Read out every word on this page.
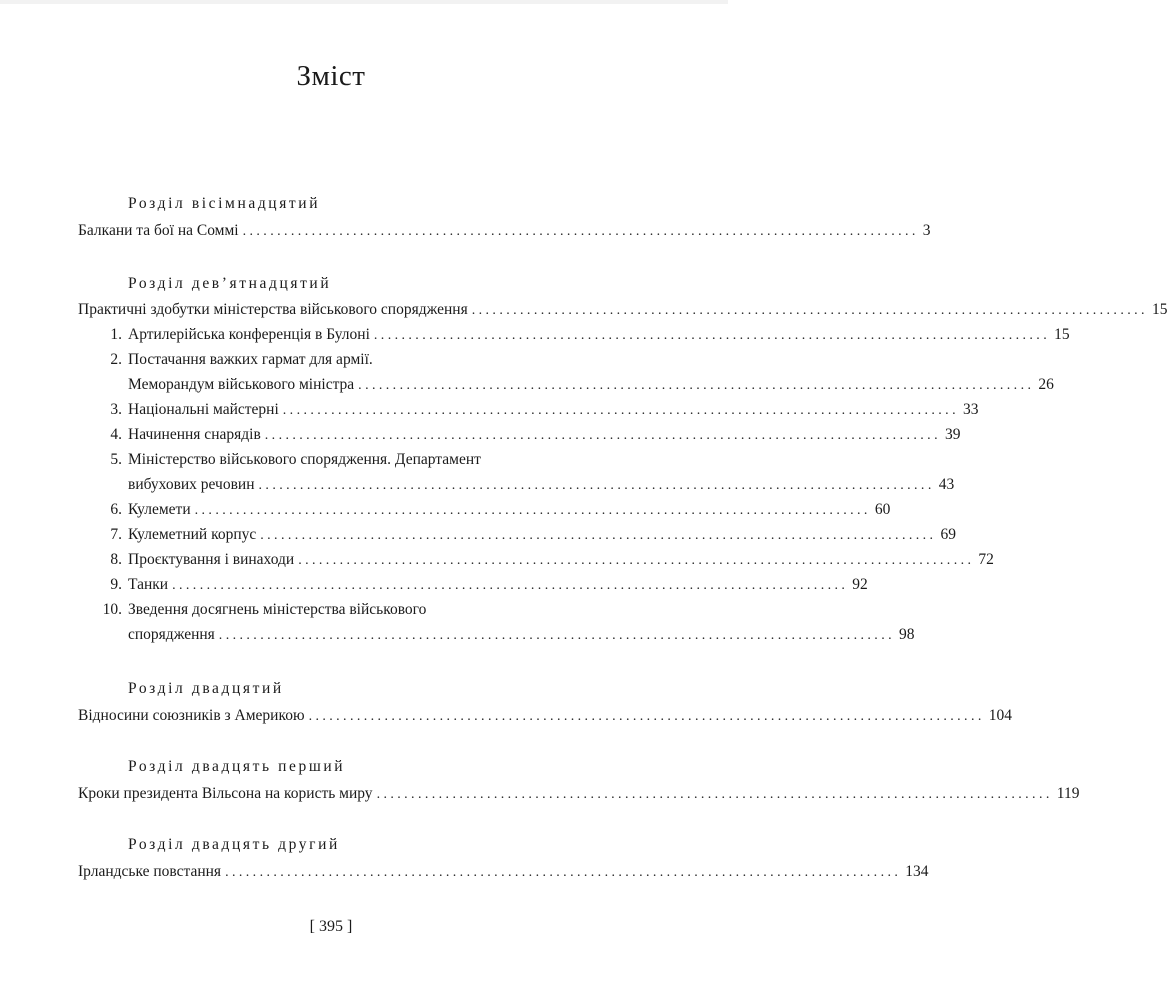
Зміст
Розділ вісімнадцятий
Балкани та бої на Соммі .................................................................................................. 3
Розділ дев’ятнадцятий
Практичні здобутки міністерства військового спорядження .................................................................................................. 15
1. Артилерійська конференція в Булоні .................................................................................................. 15
2. Постачання важких гармат для армії.
Меморандум військового міністра .................................................................................................. 26
3. Національні майстерні .................................................................................................. 33
4. Начинення снарядів .................................................................................................. 39
5. Міністерство військового спорядження. Департамент
вибухових речовин .................................................................................................. 43
6. Кулемети .................................................................................................. 60
7. Кулеметний корпус .................................................................................................. 69
8. Проєктування і винаходи .................................................................................................. 72
9. Танки .................................................................................................. 92
10. Зведення досягнень міністерства військового
спорядження .................................................................................................. 98
Розділ двадцятий
Відносини союзників з Америкою .................................................................................................. 104
Розділ двадцять перший
Кроки президента Вільсона на користь миру .................................................................................................. 119
Розділ двадцять другий
Ірландське повстання .................................................................................................. 134
[ 395 ]
